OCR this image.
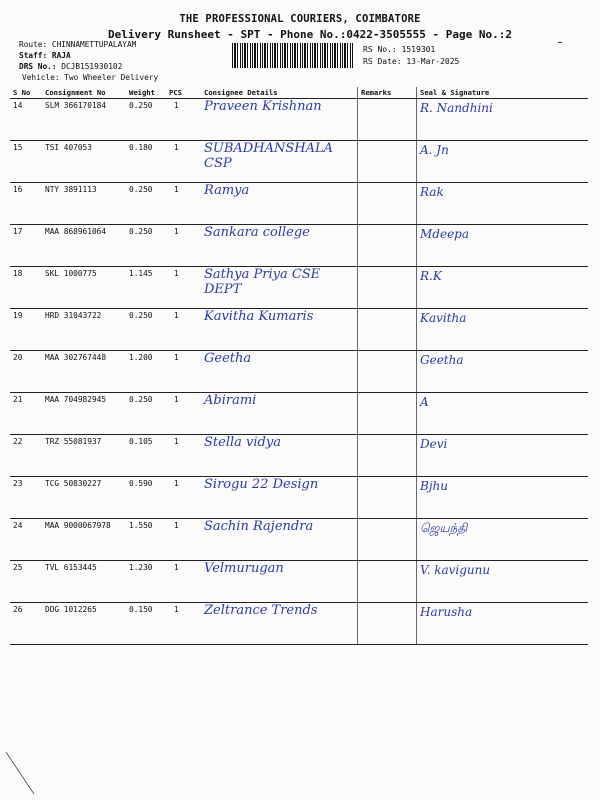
THE PROFESSIONAL COURIERS, COIMBATORE
Delivery Runsheet - SPT - Phone No.:0422-3505555 - Page No.:2
Route: CHINNAMETTUPALAYAM
Staff: RAJA
DRS No.: DCJB151930102
Vehicle: Two Wheeler Delivery
RS No.: 1519301
RS Date: 13-Mar-2025
S No	Consignment No	Weight	PCS	Consignee Details	Remarks	Seal & Signature
14	SLM 366170184	0.250	1	Praveen Krishnan		R. Nandhini
15	TSI 407053	0.180	1	SUBADHANSHALA CSP		A. Jn
16	NTY 3891113	0.250	1	Ramya		Rak
17	MAA 868961064	0.250	1	Sankara college		Mdeepa
18	SKL 1000775	1.145	1	Sathya Priya CSE DEPT		R.K
19	HRD 31043722	0.250	1	Kavitha Kumaris		Kavitha
20	MAA 302767448	1.200	1	Geetha		Geetha
21	MAA 704982945	0.250	1	Abirami		A
22	TRZ 55081937	0.105	1	Stella vidya		Devi
23	TCG 50830227	0.590	1	Sirogu 22 Design		Bjhu
24	MAA 9000067978	1.550	1	Sachin Rajendra		ஜெயந்தி
25	TVL 6153445	1.230	1	Velmurugan		V. kavigunu
26	DDG 1012265	0.150	1	Zeltrance Trends		Harusha
